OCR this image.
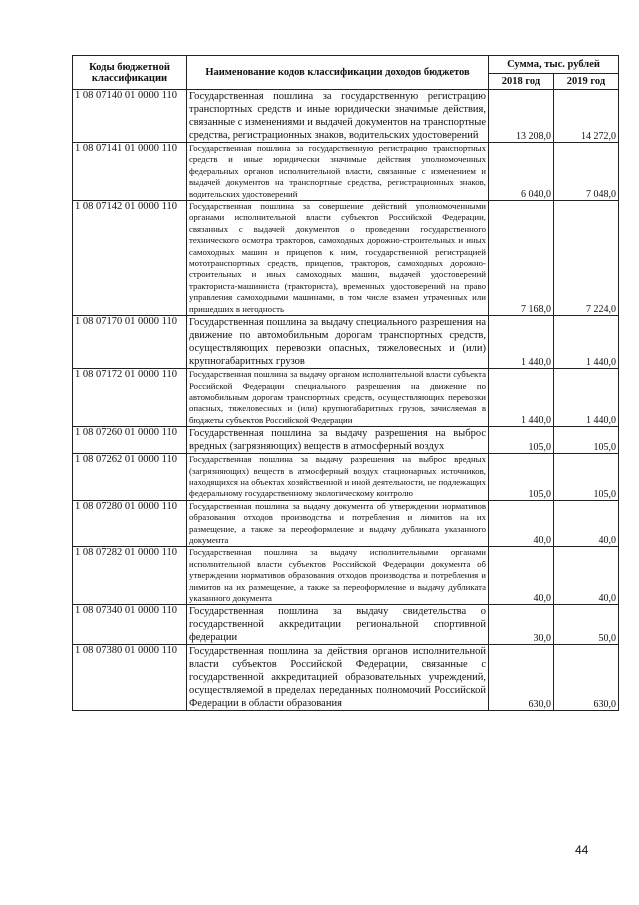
Коды бюджетной классификации	Наименование кодов классификации доходов бюджетов	Сумма, тыс. рублей	
		2018 год	2019 год
1 08 07140 01 0000 110	Государственная пошлина за государственную регистрацию транспортных средств и иные юридически значимые действия, связанные с изменениями и выдачей документов на транспортные средства, регистрационных знаков, водительских удостоверений	13 208,0	14 272,0
1 08 07141 01 0000 110	Государственная пошлина за государственную регистрацию транспортных средств и иные юридически значимые действия уполномоченных федеральных органов исполнительной власти, связанные с изменением и выдачей документов на транспортные средства, регистрационных знаков, водительских удостоверений	6 040,0	7 048,0
1 08 07142 01 0000 110	Государственная пошлина за совершение действий уполномоченными органами исполнительной власти субъектов Российской Федерации, связанных с выдачей документов о проведении государственного технического осмотра тракторов, самоходных дорожно-строительных и иных самоходных машин и прицепов к ним, государственной регистрацией мототранспортных средств, прицепов, тракторов, самоходных дорожно-строительных и иных самоходных машин, выдачей удостоверений тракториста-машиниста (тракториста), временных удостоверений на право управления самоходными машинами, в том числе взамен утраченных или пришедших в негодность	7 168,0	7 224,0
1 08 07170 01 0000 110	Государственная пошлина за выдачу специального разрешения на движение по автомобильным дорогам транспортных средств, осуществляющих перевозки опасных, тяжеловесных и (или) крупногабаритных грузов	1 440,0	1 440,0
1 08 07172 01 0000 110	Государственная пошлина за выдачу органом исполнительной власти субъекта Российской Федерации специального разрешения на движение по автомобильным дорогам транспортных средств, осуществляющих перевозки опасных, тяжеловесных и (или) крупногабаритных грузов, зачисляемая в бюджеты субъектов Российской Федерации	1 440,0	1 440,0
1 08 07260 01 0000 110	Государственная пошлина за выдачу разрешения на выброс вредных (загрязняющих) веществ в атмосферный воздух	105,0	105,0
1 08 07262 01 0000 110	Государственная пошлина за выдачу разрешения на выброс вредных (загрязняющих) веществ в атмосферный воздух стационарных источников, находящихся на объектах хозяйственной и иной деятельности, не подлежащих федеральному государственному экологическому контролю	105,0	105,0
1 08 07280 01 0000 110	Государственная пошлина за выдачу документа об утверждении нормативов образования отходов производства и потребления и лимитов на их размещение, а также за переоформление и выдачу дубликата указанного документа	40,0	40,0
1 08 07282 01 0000 110	Государственная пошлина за выдачу исполнительными органами исполнительной власти субъектов Российской Федерации документа об утверждении нормативов образования отходов производства и потребления и лимитов на их размещение, а также за переоформление и выдачу дубликата указанного документа	40,0	40,0
1 08 07340 01 0000 110	Государственная пошлина за выдачу свидетельства о государственной аккредитации региональной спортивной федерации	30,0	50,0
1 08 07380 01 0000 110	Государственная пошлина за действия органов исполнительной власти субъектов Российской Федерации, связанные с государственной аккредитацией образовательных учреждений, осуществляемой в пределах переданных полномочий Российской Федерации в области образования	630,0	630,0
44
